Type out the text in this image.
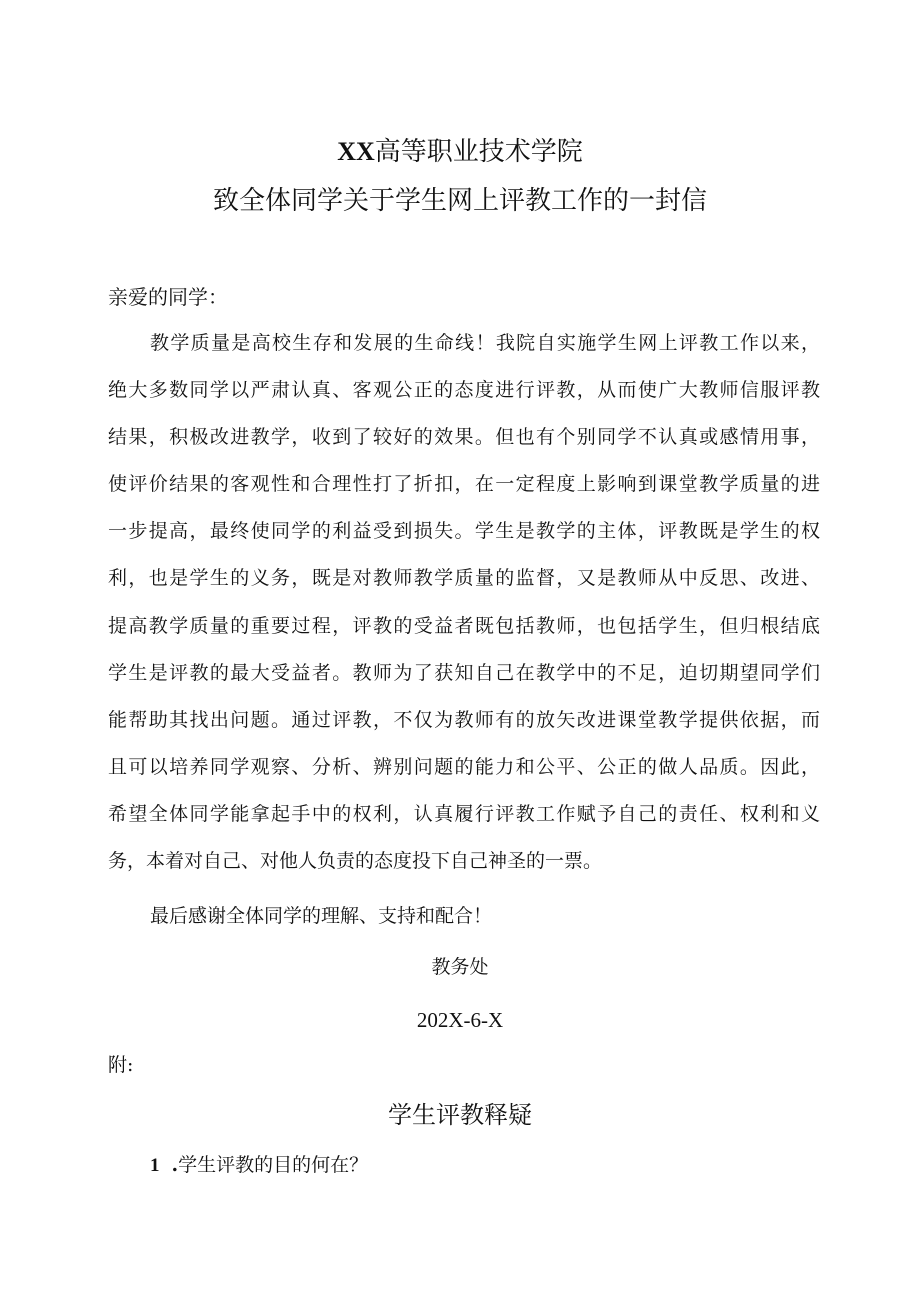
XX高等职业技术学院
致全体同学关于学生网上评教工作的一封信
亲爱的同学：
教学质量是高校生存和发展的生命线！我院自实施学生网上评教工作以来，
绝大多数同学以严肃认真、客观公正的态度进行评教，从而使广大教师信服评教
结果，积极改进教学，收到了较好的效果。但也有个别同学不认真或感情用事，
使评价结果的客观性和合理性打了折扣，在一定程度上影响到课堂教学质量的进
一步提高，最终使同学的利益受到损失。学生是教学的主体，评教既是学生的权
利，也是学生的义务，既是对教师教学质量的监督，又是教师从中反思、改进、
提高教学质量的重要过程，评教的受益者既包括教师，也包括学生，但归根结底
学生是评教的最大受益者。教师为了获知自己在教学中的不足，迫切期望同学们
能帮助其找出问题。通过评教，不仅为教师有的放矢改进课堂教学提供依据，而
且可以培养同学观察、分析、辨别问题的能力和公平、公正的做人品质。因此，
希望全体同学能拿起手中的权利，认真履行评教工作赋予自己的责任、权利和义
务，本着对自己、对他人负责的态度投下自己神圣的一票。
最后感谢全体同学的理解、支持和配合！
教务处
202X-6-X
附:
学生评教释疑
1 .学生评教的目的何在？
